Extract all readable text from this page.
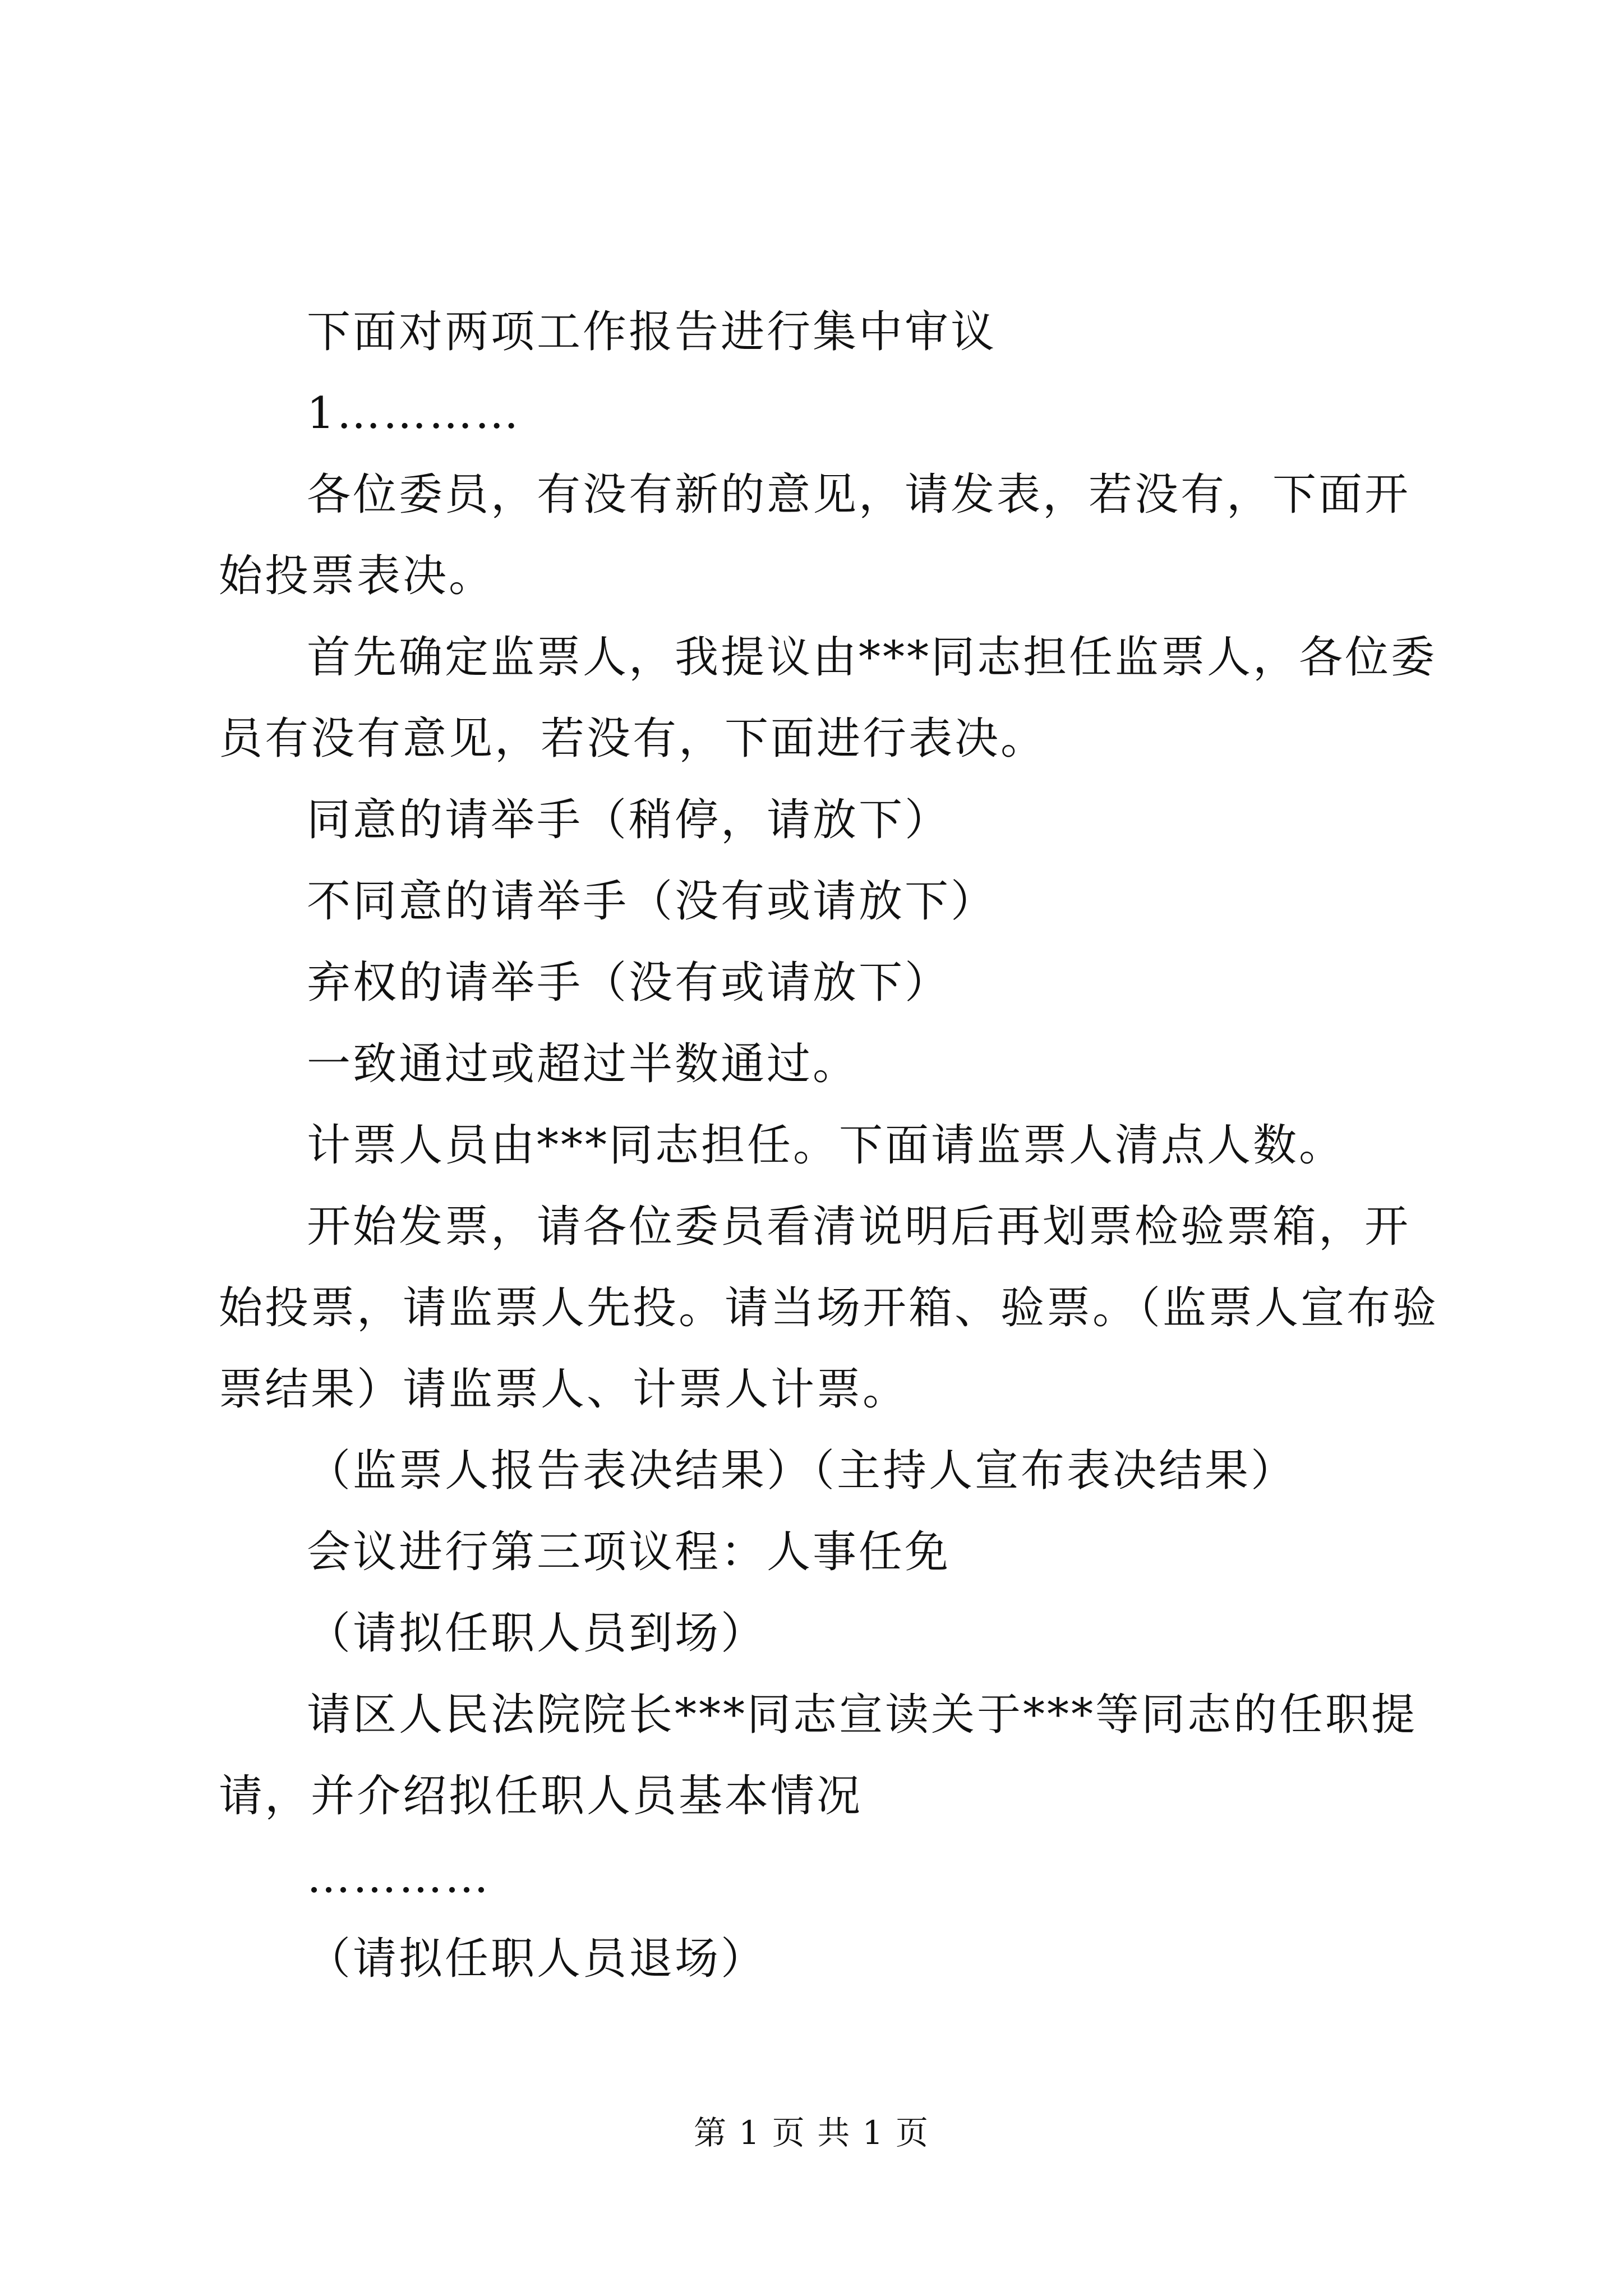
下面对两项工作报告进行集中审议

1…………

各位委员，有没有新的意见，请发表，若没有，下面开始投票表决。

首先确定监票人，我提议由***同志担任监票人，各位委员有没有意见，若没有，下面进行表决。

同意的请举手（稍停，请放下）

不同意的请举手（没有或请放下）

弃权的请举手（没有或请放下）

一致通过或超过半数通过。

计票人员由***同志担任。下面请监票人清点人数。

开始发票，请各位委员看清说明后再划票检验票箱，开始投票，请监票人先投。请当场开箱、验票。（监票人宣布验票结果）请监票人、计票人计票。

（监票人报告表决结果）（主持人宣布表决结果）

会议进行第三项议程：人事任免

（请拟任职人员到场）

请区人民法院院长***同志宣读关于***等同志的任职提请，并介绍拟任职人员基本情况

…………

（请拟任职人员退场）

第 1 页 共 1 页
